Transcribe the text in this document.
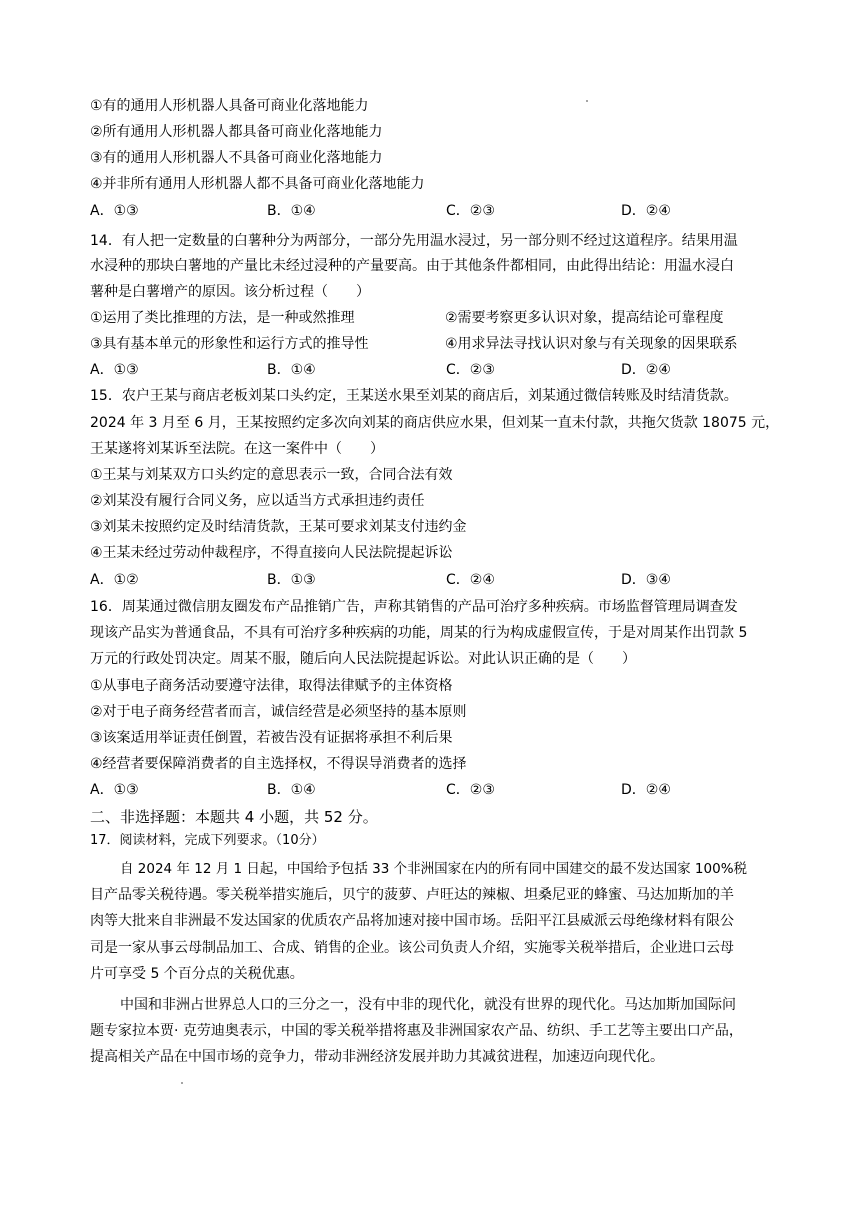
①有的通用人形机器人具备可商业化落地能力
②所有通用人形机器人都具备可商业化落地能力
③有的通用人形机器人不具备可商业化落地能力
④并非所有通用人形机器人都不具备可商业化落地能力
A．①③	B．①④	C．②③	D．②④
14．有人把一定数量的白薯种分为两部分，一部分先用温水浸过，另一部分则不经过这道程序。结果用温
水浸种的那块白薯地的产量比未经过浸种的产量要高。由于其他条件都相同，由此得出结论：用温水浸白
薯种是白薯增产的原因。该分析过程（　　）
①运用了类比推理的方法，是一种或然推理	②需要考察更多认识对象，提高结论可靠程度
③具有基本单元的形象性和运行方式的推导性	④用求异法寻找认识对象与有关现象的因果联系
A．①③	B．①④	C．②③	D．②④
15．农户王某与商店老板刘某口头约定，王某送水果至刘某的商店后，刘某通过微信转账及时结清货款。
2024 年 3 月至 6 月，王某按照约定多次向刘某的商店供应水果，但刘某一直未付款，共拖欠货款 18075 元，
王某遂将刘某诉至法院。在这一案件中（　　）
①王某与刘某双方口头约定的意思表示一致，合同合法有效
②刘某没有履行合同义务，应以适当方式承担违约责任
③刘某未按照约定及时结清货款，王某可要求刘某支付违约金
④王某未经过劳动仲裁程序，不得直接向人民法院提起诉讼
A．①②	B．①③	C．②④	D．③④
16．周某通过微信朋友圈发布产品推销广告，声称其销售的产品可治疗多种疾病。市场监督管理局调查发
现该产品实为普通食品，不具有可治疗多种疾病的功能，周某的行为构成虚假宣传，于是对周某作出罚款 5
万元的行政处罚决定。周某不服，随后向人民法院提起诉讼。对此认识正确的是（　　）
①从事电子商务活动要遵守法律，取得法律赋予的主体资格
②对于电子商务经营者而言，诚信经营是必须坚持的基本原则
③该案适用举证责任倒置，若被告没有证据将承担不利后果
④经营者要保障消费者的自主选择权，不得误导消费者的选择
A．①③	B．①④	C．②③	D．②④
二、非选择题：本题共 4 小题，共 52 分。
17．阅读材料，完成下列要求。（10分）
自 2024 年 12 月 1 日起，中国给予包括 33 个非洲国家在内的所有同中国建交的最不发达国家 100%税
目产品零关税待遇。零关税举措实施后，贝宁的菠萝、卢旺达的辣椒、坦桑尼亚的蜂蜜、马达加斯加的羊
肉等大批来自非洲最不发达国家的优质农产品将加速对接中国市场。岳阳平江县威派云母绝缘材料有限公
司是一家从事云母制品加工、合成、销售的企业。该公司负责人介绍，实施零关税举措后，企业进口云母
片可享受 5 个百分点的关税优惠。
中国和非洲占世界总人口的三分之一，没有中非的现代化，就没有世界的现代化。马达加斯加国际问
题专家拉本贾· 克劳迪奥表示，中国的零关税举措将惠及非洲国家农产品、纺织、手工艺等主要出口产品，
提高相关产品在中国市场的竞争力，带动非洲经济发展并助力其减贫进程，加速迈向现代化。
